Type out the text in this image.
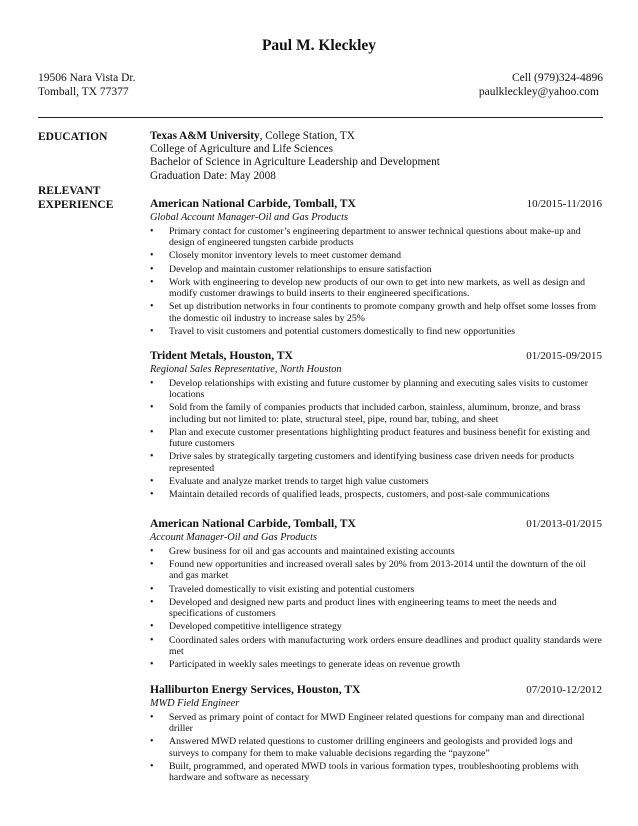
Paul M. Kleckley
19506 Nara Vista Dr.	Cell (979)324-4896
Tomball, TX 77377	paulkleckley@yahoo.com
EDUCATION	Texas A&M University, College Station, TX
College of Agriculture and Life Sciences
Bachelor of Science in Agriculture Leadership and Development
Graduation Date: May 2008
RELEVANT
EXPERIENCE	American National Carbide, Tomball, TX	10/2015-11/2016
Global Account Manager-Oil and Gas Products
• Primary contact for customer’s engineering department to answer technical questions about make-up and design of engineered tungsten carbide products
• Closely monitor inventory levels to meet customer demand
• Develop and maintain customer relationships to ensure satisfaction
• Work with engineering to develop new products of our own to get into new markets, as well as design and modify customer drawings to build inserts to their engineered specifications.
• Set up distribution networks in four continents to promote company growth and help offset some losses from the domestic oil industry to increase sales by 25%
• Travel to visit customers and potential customers domestically to find new opportunities
Trident Metals, Houston, TX	01/2015-09/2015
Regional Sales Representative, North Houston
• Develop relationships with existing and future customer by planning and executing sales visits to customer locations
• Sold from the family of companies products that included carbon, stainless, aluminum, bronze, and brass including but not limited to: plate, structural steel, pipe, round bar, tubing, and sheet
• Plan and execute customer presentations highlighting product features and business benefit for existing and future customers
• Drive sales by strategically targeting customers and identifying business case driven needs for products represented
• Evaluate and analyze market trends to target high value customers
• Maintain detailed records of qualified leads, prospects, customers, and post-sale communications
American National Carbide, Tomball, TX	01/2013-01/2015
Account Manager-Oil and Gas Products
• Grew business for oil and gas accounts and maintained existing accounts
• Found new opportunities and increased overall sales by 20% from 2013-2014 until the downturn of the oil and gas market
• Traveled domestically to visit existing and potential customers
• Developed and designed new parts and product lines with engineering teams to meet the needs and specifications of customers
• Developed competitive intelligence strategy
• Coordinated sales orders with manufacturing work orders ensure deadlines and product quality standards were met
• Participated in weekly sales meetings to generate ideas on revenue growth
Halliburton Energy Services, Houston, TX	07/2010-12/2012
MWD Field Engineer
• Served as primary point of contact for MWD Engineer related questions for company man and directional driller
• Answered MWD related questions to customer drilling engineers and geologists and provided logs and surveys to company for them to make valuable decisions regarding the “payzone”
• Built, programmed, and operated MWD tools in various formation types, troubleshooting problems with hardware and software as necessary
